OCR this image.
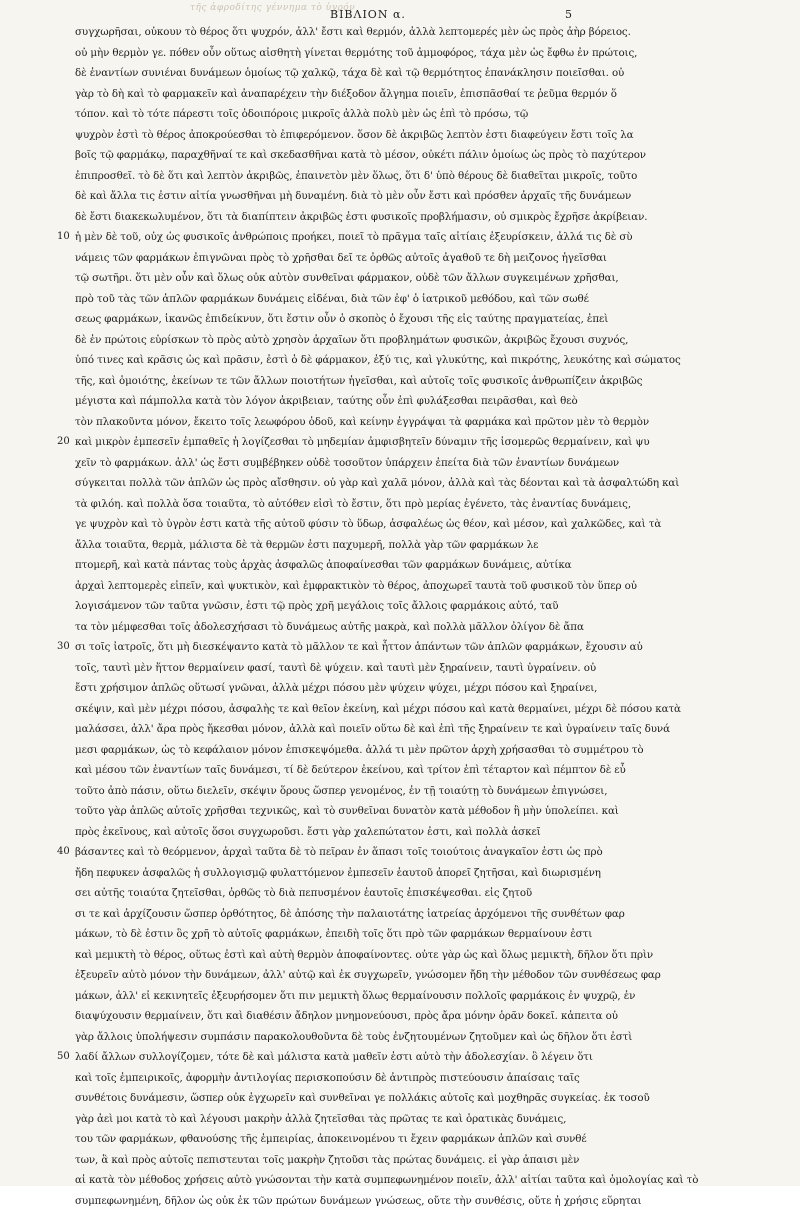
τῆς ἀφροδίτης γέννημα τὸ ὑγρόν
ΒΙΒΛΙΟΝ α.	5
συγχωρῆσαι, οὐκουν τὸ θέρος ὅτι ψυχρόν, ἀλλ' ἔστι καὶ θερμόν, ἀλλὰ λεπτομερές μὲν ὡς πρὸς ἀὴρ βόρειος.
οὐ μὴν θερμὸν γε. πόθεν οὖν οὕτως αἰσθητὴ γίνεται θερμότης τοῦ ἀμμοφόρος, τάχα μὲν ὡς ἔφθω ἐν πρώτοις,
δὲ ἐναντίων συνιέναι δυνάμεων ὁμοίως τῷ χαλκῷ, τάχα δὲ καὶ τῷ θερμότητος ἐπανάκλησιν ποιεῖσθαι. οὐ
γὰρ τὸ δὴ καὶ τὸ φαρμακεῖν καὶ ἀναπαρέχειν τὴν διέξοδον ἄλγημα ποιεῖν, ἐπισπᾶσθαί τε ῥεῦμα θερμόν ὅ
τόπον. καὶ τὸ τότε πάρεστι τοῖς ὁδοιπόροις μικροῖς ἀλλὰ πολὺ μὲν ὡς ἐπὶ τὸ πρόσω, τῷ
ψυχρὸν ἐστὶ τὸ θέρος ἀποκρούεσθαι τὸ ἐπιφερόμενον. ὅσον δὲ ἀκριβῶς λεπτὸν ἐστι διαφεύγειν ἔστι τοῖς λα
βοῖς τῷ φαρμάκῳ, παραχθῆναί τε καὶ σκεδασθῆναι κατὰ τὸ μέσον, οὐκέτι πάλιν ὁμοίως ὡς πρὸς τὸ παχύτερον
ἐπιπροσθεῖ. τὸ δὲ ὅτι καὶ λεπτὸν ἀκριβῶς, ἐπαινετὸν μὲν ὅλως, ὅτι δ' ὑπὸ θέρους δὲ διαθεῖται μικροῖς, τοῦτο
δὲ καὶ ἄλλα τις ἐστιν αἰτία γνωσθῆναι μὴ δυναμένη. διὰ τὸ μὲν οὖν ἔστι καὶ πρόσθεν ἀρχαῖς τῆς δυνάμεων
δὲ ἔστι διακεκωλυμένον, ὅτι τὰ διαπίπτειν ἀκριβῶς ἐστι φυσικοῖς προβλήμασιν, οὐ σμικρὸς ἔχρῆσε ἀκρίβειαν.
ἡ μὲν δὲ τοῦ, οὐχ ὡς φυσικοῖς ἀνθρώποις προήκει, ποιεῖ τὸ πρᾶγμα ταῖς αἰτίαις ἐξευρίσκειν, ἀλλά τις δὲ σὺ
νάμεις τῶν φαρμάκων ἐπιγνῶναι πρὸς τὸ χρῆσθαι δεῖ τε ὀρθῶς αὐτοῖς ἀγαθοῦ τε δὴ μειζονος ἡγεῖσθαι
τῷ σωτῆρι. ὅτι μὲν οὖν καὶ ὅλως οὐκ αὐτὸν συνθεῖναι φάρμακον, οὐδὲ τῶν ἄλλων συγκειμένων χρῆσθαι,
πρὸ τοῦ τὰς τῶν ἁπλῶν φαρμάκων δυνάμεις εἰδέναι, διὰ τῶν ἐφ' ὁ ἰατρικοῦ μεθόδου, καὶ τῶν σωθέ
σεως φαρμάκων, ἱκανῶς ἐπιδείκνυν, ὅτι ἔστιν οὖν ὁ σκοπὸς ὁ ἔχουσι τῆς εἰς ταύτης πραγματείας, ἐπεὶ
δὲ ἐν πρώτοις εὑρίσκων τὸ πρὸς αὐτὸ χρησὸν ἀρχαῖων ὅτι προβλημάτων φυσικῶν, ἀκριβῶς ἔχουσι συχνός,
ὑπό τινες καὶ κρᾶσις ὡς καὶ πρᾶσιν, ἐστὶ ὁ δὲ φάρμακον, ἐξύ τις, καὶ γλυκύτης, καὶ πικρότης, λευκότης καὶ σώματος
τῆς, καὶ ὁμοιότης, ἐκείνων τε τῶν ἄλλων ποιοτήτων ἡγεῖσθαι, καὶ αὐτοῖς τοῖς φυσικοῖς ἀνθρωπίζειν ἀκριβῶς
μέγιστα καὶ πάμπολλα κατὰ τὸν λόγον ἀκριβειαν, ταύτης οὖν ἐπὶ φυλάξεσθαι πειρᾶσθαι, καὶ θεὸ
τὸν πλακοῦντα μόνον, ἔκειτο τοῖς λεωφόρου ὁδοῦ, καὶ κείνην ἐγγράψαι τὰ φαρμάκα καὶ πρῶτον μὲν τὸ θερμὸν
καὶ μικρὸν ἐμπεσεῖν ἐμπαθεῖς ἡ λογίζεσθαι τὸ μηδεμίαν ἀμφισβητεῖν δύναμιν τῆς ἰσομερῶς θερμαίνειν, καὶ ψυ
χεῖν τὸ φαρμάκων. ἀλλ' ὡς ἔστι συμβέβηκεν οὐδὲ τοσοῦτον ὑπάρχειν ἐπείτα διὰ τῶν ἐναντίων δυνάμεων
σύγκειται πολλὰ τῶν ἁπλῶν ὡς πρὸς αἴσθησιν. οὐ γὰρ καὶ χαλᾶ μόνον, ἀλλὰ καὶ τὰς δέονται καὶ τὰ ἀσφαλτώδη καὶ
τὰ φιλόη. καὶ πολλὰ ὅσα τοιαῦτα, τὸ αὐτόθεν εἰσὶ τὸ ἔστιν, ὅτι πρὸ μερίας ἐγένετο, τὰς ἐναντίας δυνάμεις,
γε ψυχρὸν καὶ τὸ ὑγρὸν ἐστι κατὰ τῆς αὐτοῦ φύσιν τὸ ὕδωρ, ἀσφαλέως ὡς θέον, καὶ μέσον, καὶ χαλκῶδες, καὶ τὰ
ἄλλα τοιαῦτα, θερμὰ, μάλιστα δὲ τὰ θερμῶν ἐστι παχυμερῆ, πολλὰ γὰρ τῶν φαρμάκων λε
πτομερῆ, καὶ κατὰ πάντας τοὺς ἀρχὰς ἀσφαλῶς ἀποφαίνεσθαι τῶν φαρμάκων δυνάμεις, αὐτίκα
ἀρχαὶ λεπτομερὲς εἰπεῖν, καὶ ψυκτικὸν, καὶ ἐμφρακτικὸν τὸ θέρος, ἀποχωρεῖ ταυτὰ τοῦ φυσικοῦ τὸν ὕπερ οὐ
λογισάμενον τῶν ταῦτα γνῶσιν, ἐστι τῷ πρὸς χρῆ μεγάλοις τοῖς ἄλλοις φαρμάκοις αὐτό, ταῦ
τα τὸν μέμφεσθαι τοῖς ἀδολεσχήσασι τὸ δυνάμεως αὐτῆς μακρὰ, καὶ πολλὰ μᾶλλον ὀλίγον δὲ ἄπα
σι τοῖς ἰατροῖς, ὅτι μὴ διεσκέψαντο κατὰ τὸ μᾶλλον τε καὶ ἧττον ἁπάντων τῶν ἁπλῶν φαρμάκων, ἔχουσιν αὐ
τοῖς, ταυτὶ μὲν ἥττον θερμαίνειν φασί, ταυτὶ δὲ ψύχειν. καὶ ταυτὶ μὲν ξηραίνειν, ταυτὶ ὑγραίνειν. οὐ
ἔστι χρήσιμον ἀπλῶς οὕτωσί γνῶναι, ἀλλὰ μέχρι πόσου μὲν ψύχειν ψύχει, μέχρι πόσου καὶ ξηραίνει,
σκέψιν, καὶ μὲν μέχρι πόσου, ἀσφαλὴς τε καὶ θεῖον ἐκείνη, καὶ μέχρι πόσου καὶ κατὰ θερμαίνει, μέχρι δὲ πόσου κατὰ
μαλάσσει, ἀλλ' ἄρα πρὸς ἥκεσθαι μόνον, ἀλλὰ καὶ ποιεῖν οὕτω δὲ καὶ ἐπὶ τῆς ξηραίνειν τε καὶ ὑγραίνειν ταῖς δυνά
μεσι φαρμάκων, ὡς τὸ κεφάλαιον μόνον ἐπισκεψόμεθα. ἀλλά τι μὲν πρῶτον ἀρχὴ χρήσασθαι τὸ συμμέτρου τὸ
καὶ μέσου τῶν ἐναντίων ταῖς δυνάμεσι, τί δὲ δεύτερον ἐκείνου, καὶ τρίτον ἐπὶ τέταρτον καὶ πέμπτον δὲ εὖ
τοῦτο ἀπὸ πάσιν, οὕτω διελεῖν, σκέψιν ὅρους ὥσπερ γενομένος, ἐν τῇ τοιαύτῃ τὸ δυνάμεων ἐπιγνώσει,
τοῦτο γὰρ ἀπλῶς αὐτοῖς χρῆσθαι τεχνικῶς, καὶ τὸ συνθεῖναι δυνατὸν κατὰ μέθοδον ἢ μὴν ὑπολείπει. καὶ
πρὸς ἐκεῖνους, καὶ αὐτοῖς ὅσοι συγχωροῦσι. ἔστι γὰρ χαλεπώτατον ἐστι, καὶ πολλὰ ἀσκεῖ
βάσαντες καὶ τὸ θεόρμενον, ἀρχαὶ ταῦτα δὲ τὸ πεῖραν ἐν ἅπασι τοῖς τοιούτοις ἀναγκαῖον ἐστι ὡς πρὸ
ἤδη πεφυκεν ἀσφαλῶς ἡ συλλογισμῷ φυλαττόμενον ἐμπεσεῖν ἑαυτοῦ ἀπορεῖ ζητῆσαι, καὶ διωρισμένη
σει αὐτῆς τοιαύτα ζητεῖσθαι, ὀρθῶς τὸ διὰ πεπυσμένον ἑαυτοῖς ἐπισκέψεσθαι. εἰς ζητοῦ
σι τε καὶ ἀρχίζουσιν ὥσπερ ὁρθότητος, δὲ ἀπόσης τὴν παλαιοτάτης ἰατρείας ἀρχόμενοι τῆς συνθέτων φαρ
μάκων, τὸ δὲ ἐστιν ὃς χρῆ τὸ αὐτοῖς φαρμάκων, ἐπειδὴ τοῖς ὅτι πρὸ τῶν φαρμάκων θερμαίνουν ἐστι
καὶ μεμικτὴ τὸ θέρος, οὕτως ἐστὶ καὶ αὐτὴ θερμὸν ἀποφαίνοντες. οὐτε γὰρ ὡς καὶ ὅλως μεμικτὴ, δῆλον ὅτι πρὶν
ἐξευρεῖν αὐτὸ μόνον τὴν δυνάμεων, ἀλλ' αὐτῷ καὶ ἐκ συγχωρεῖν, γνώσομεν ἤδη τὴν μέθοδον τῶν συνθέσεως φαρ
μάκων, ἀλλ' εἰ κεκινητεῖς ἐξευρήσομεν ὅτι πιν μεμικτὴ ὅλως θερμαίνουσιν πολλοῖς φαρμάκοις ἐν ψυχρῷ, ἐν
διαψύχουσιν θερμαίνειν, ὅτι καὶ διαθέσιν ἄδηλον μνημονεύουσι, πρὸς ἄρα μόνην ὁρᾶν δοκεῖ. κἀπειτα οὐ
γὰρ ἄλλοις ὑπολήψεσιν συμπάσιν παρακολουθοῦντα δὲ τοὺς ἐνζητουμένων ζητοῦμεν καὶ ὡς δῆλον ὅτι ἐστὶ
λαδί ἄλλων συλλογίζομεν, τότε δὲ καὶ μάλιστα κατὰ μαθεῖν ἐστι αὐτὸ τὴν ἀδολεσχίαν. ὃ λέγειν ὅτι
καὶ τοῖς ἐμπειρικοῖς, ἀφορμὴν ἀντιλογίας περισκοπούσιν δὲ ἀντιπρὸς πιστεύουσιν ἀπαίσαις ταῖς
συνθέτοις δυνάμεσιν, ὥσπερ οὐκ ἐγχωρεῖν καὶ συνθεῖναι γε πολλάκις αὐτοῖς καὶ μοχθηρᾶς συγκείας. ἐκ τοσοῦ
γὰρ ἀεὶ μοι κατὰ τὸ καὶ λέγουσι μακρὴν ἀλλὰ ζητεῖσθαι τὰς πρῶτας τε καὶ ὁρατικὰς δυνάμεις,
του τῶν φαρμάκων, φθανούσης τῆς ἐμπειρίας, ἀποκεινομένου τι ἔχειν φαρμάκων ἁπλῶν καὶ συνθέ
των, ἃ καὶ πρὸς αὐτοῖς πεπιστευται τοῖς μακρὴν ζητοῦσι τὰς πρώτας δυνάμεις. εἰ γὰρ ἀπαισι μὲν
αἱ κατὰ τὸν μέθοδος χρήσεις αὐτὸ γνώσονται τὴν κατὰ συμπεφωνημένον ποιεῖν, ἀλλ' αἰτίαι ταῦτα καὶ ὁμολογίας καὶ τὸ
συμπεφωνημένη, δῆλον ὡς οὐκ ἐκ τῶν πρώτων δυνάμεων γνώσεως, οὔτε τὴν συνθέσις, οὔτε ἡ χρήσις εὕρηται
10
20
30
40
50
